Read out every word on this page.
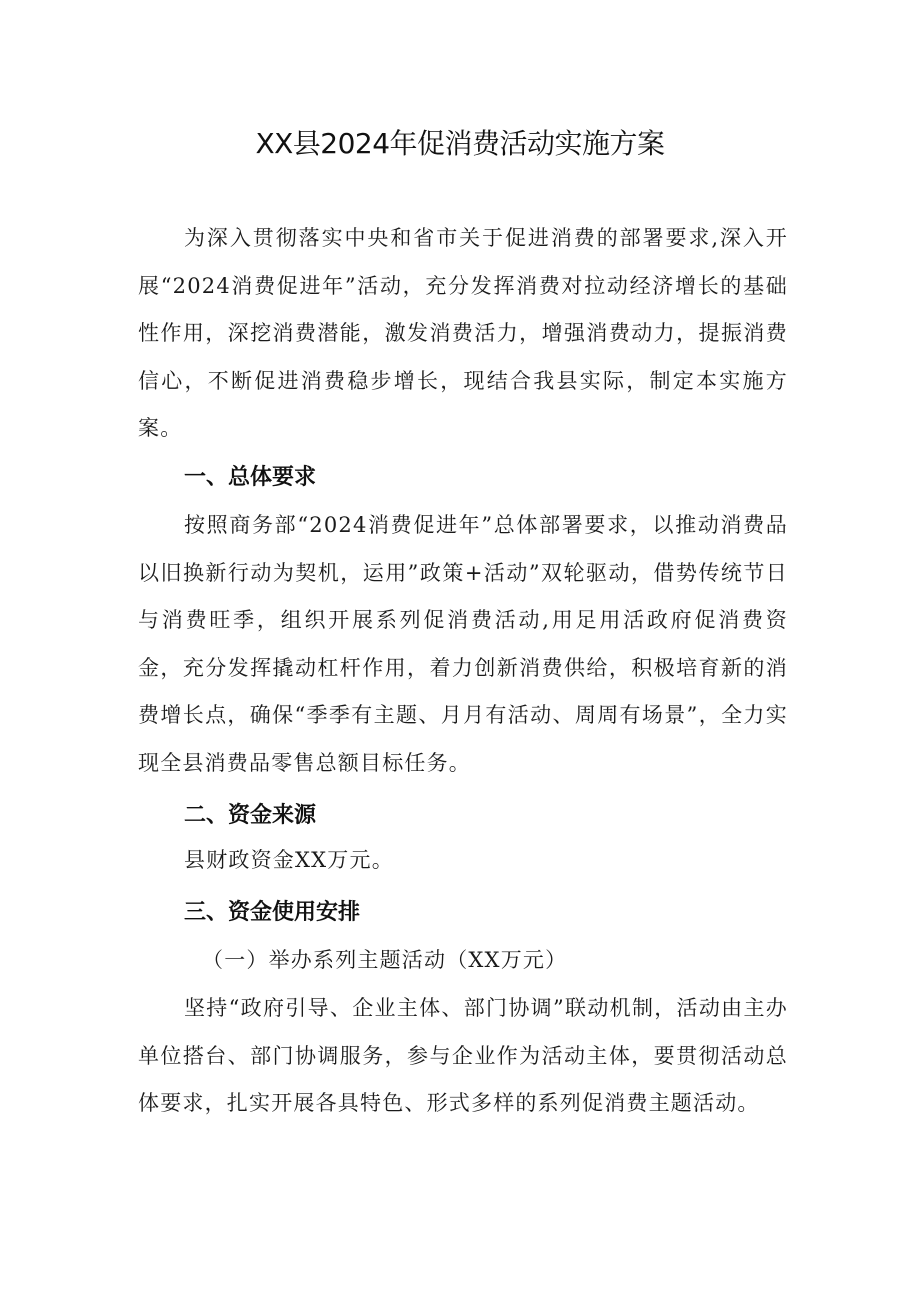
XX县2024年促消费活动实施方案

为深入贯彻落实中央和省市关于促进消费的部署要求,深入开展“2024消费促进年”活动，充分发挥消费对拉动经济增长的基础性作用，深挖消费潜能，激发消费活力，增强消费动力，提振消费信心，不断促进消费稳步增长，现结合我县实际，制定本实施方案。

一、总体要求

按照商务部“2024消费促进年”总体部署要求，以推动消费品以旧换新行动为契机，运用”政策+活动”双轮驱动，借势传统节日与消费旺季，组织开展系列促消费活动,用足用活政府促消费资金，充分发挥撬动杠杆作用，着力创新消费供给，积极培育新的消费增长点，确保“季季有主题、月月有活动、周周有场景”，全力实现全县消费品零售总额目标任务。

二、资金来源

县财政资金XX万元。

三、资金使用安排

（一）举办系列主题活动（XX万元）

坚持“政府引导、企业主体、部门协调”联动机制，活动由主办单位搭台、部门协调服务，参与企业作为活动主体，要贯彻活动总体要求，扎实开展各具特色、形式多样的系列促消费主题活动。
